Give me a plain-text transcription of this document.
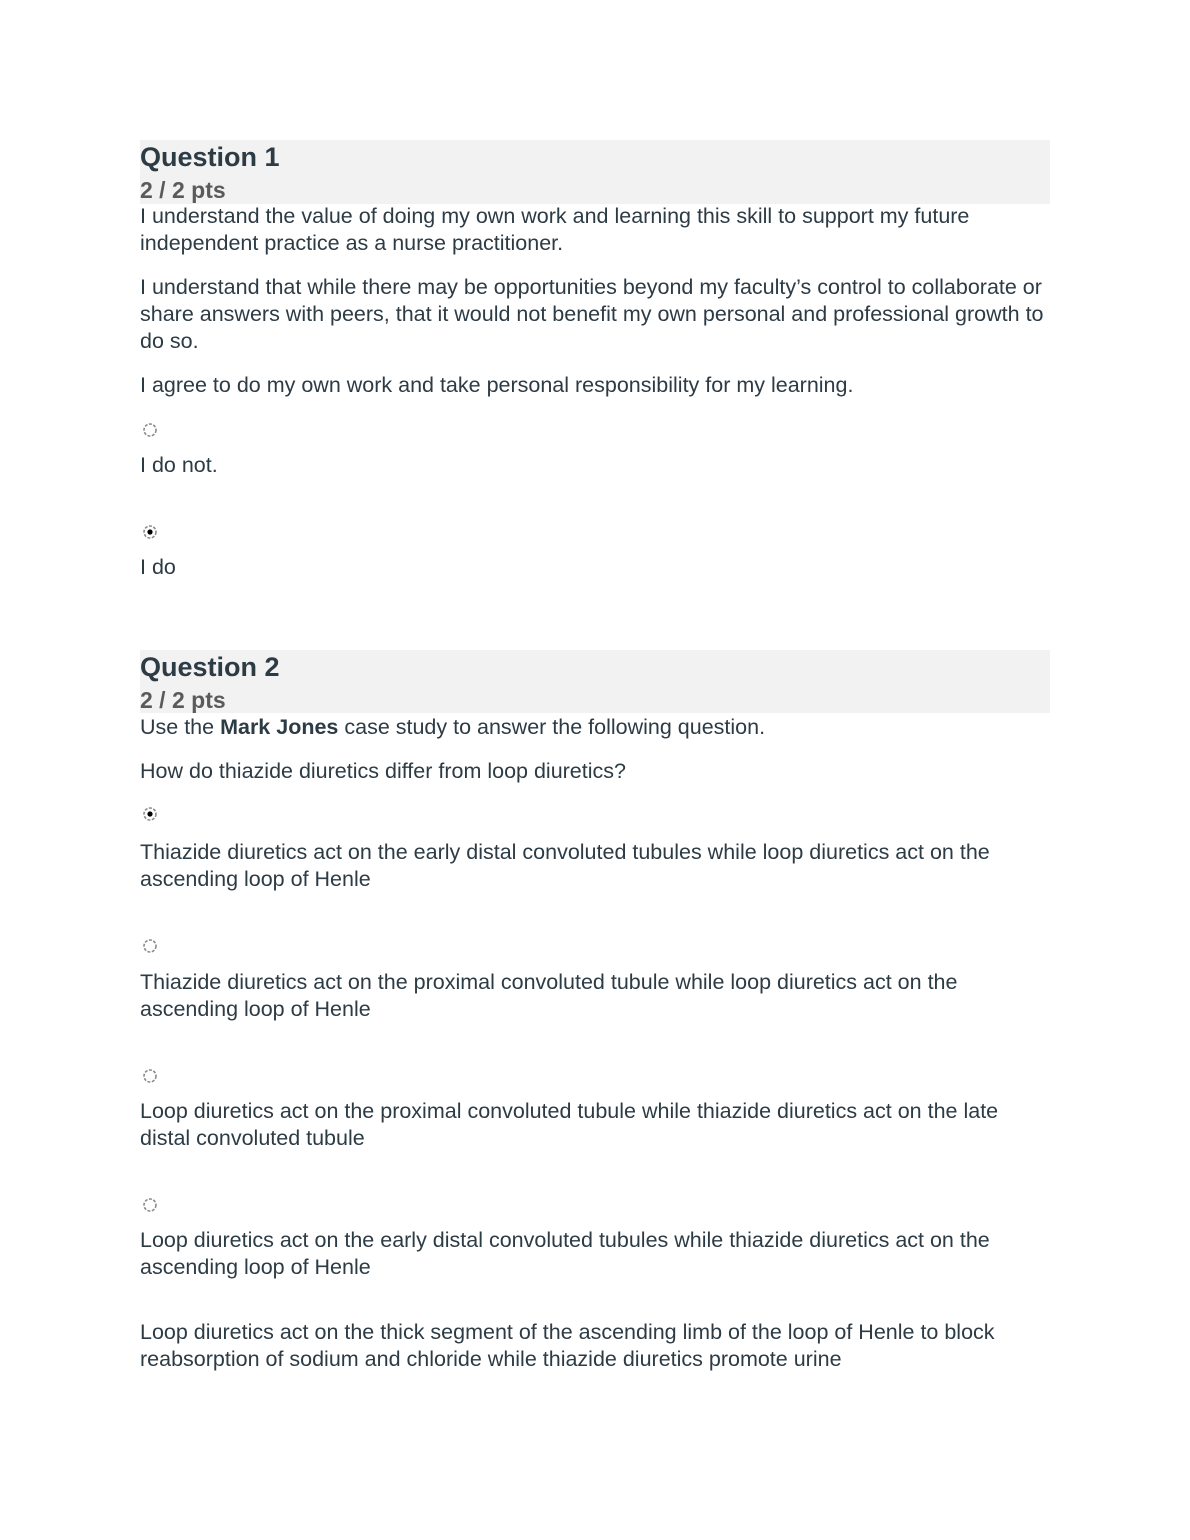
Question 1
2 / 2 pts
I understand the value of doing my own work and learning this skill to support my future independent practice as a nurse practitioner.
I understand that while there may be opportunities beyond my faculty’s control to collaborate or share answers with peers, that it would not benefit my own personal and professional growth to do so.
I agree to do my own work and take personal responsibility for my learning.
I do not.
I do
Question 2
2 / 2 pts
Use the Mark Jones case study to answer the following question.
How do thiazide diuretics differ from loop diuretics?
Thiazide diuretics act on the early distal convoluted tubules while loop diuretics act on the ascending loop of Henle
Thiazide diuretics act on the proximal convoluted tubule while loop diuretics act on the ascending loop of Henle
Loop diuretics act on the proximal convoluted tubule while thiazide diuretics act on the late distal convoluted tubule
Loop diuretics act on the early distal convoluted tubules while thiazide diuretics act on the ascending loop of Henle
Loop diuretics act on the thick segment of the ascending limb of the loop of Henle to block reabsorption of sodium and chloride while thiazide diuretics promote urine
